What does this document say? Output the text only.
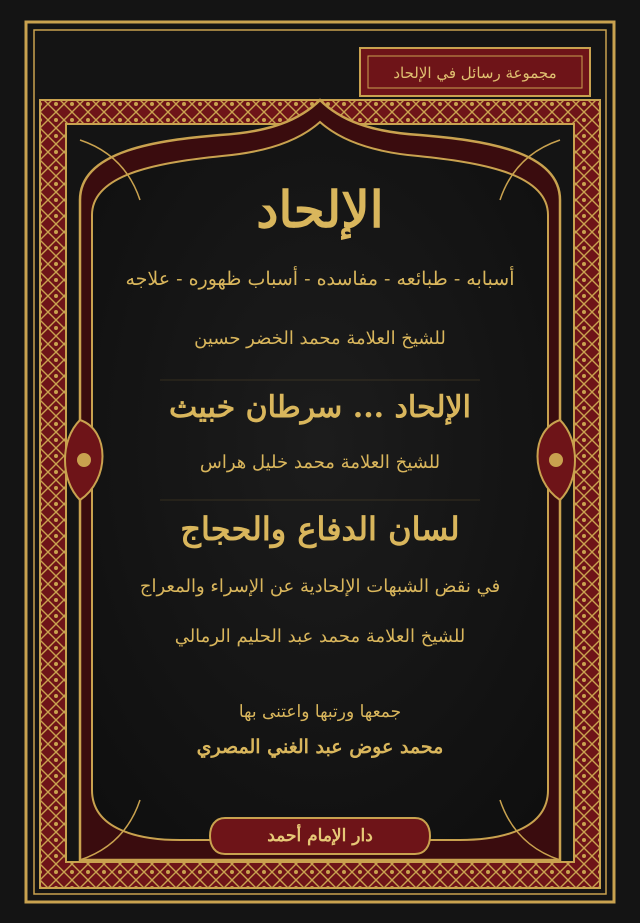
مجموعة رسائل في الإلحاد
الإلحاد
أسبابه - طبائعه - مفاسده - أسباب ظهوره - علاجه
للشيخ العلامة محمد الخضر حسين
الإلحاد ... سرطان خبيث
للشيخ العلامة محمد خليل هراس
لسان الدفاع والحجاج
في نقض الشبهات الإلحادية عن الإسراء والمعراج
للشيخ العلامة محمد عبد الحليم الرمالي
جمعها ورتبها واعتنى بها
محمد عوض عبد الغني المصري
دار الإمام أحمد
